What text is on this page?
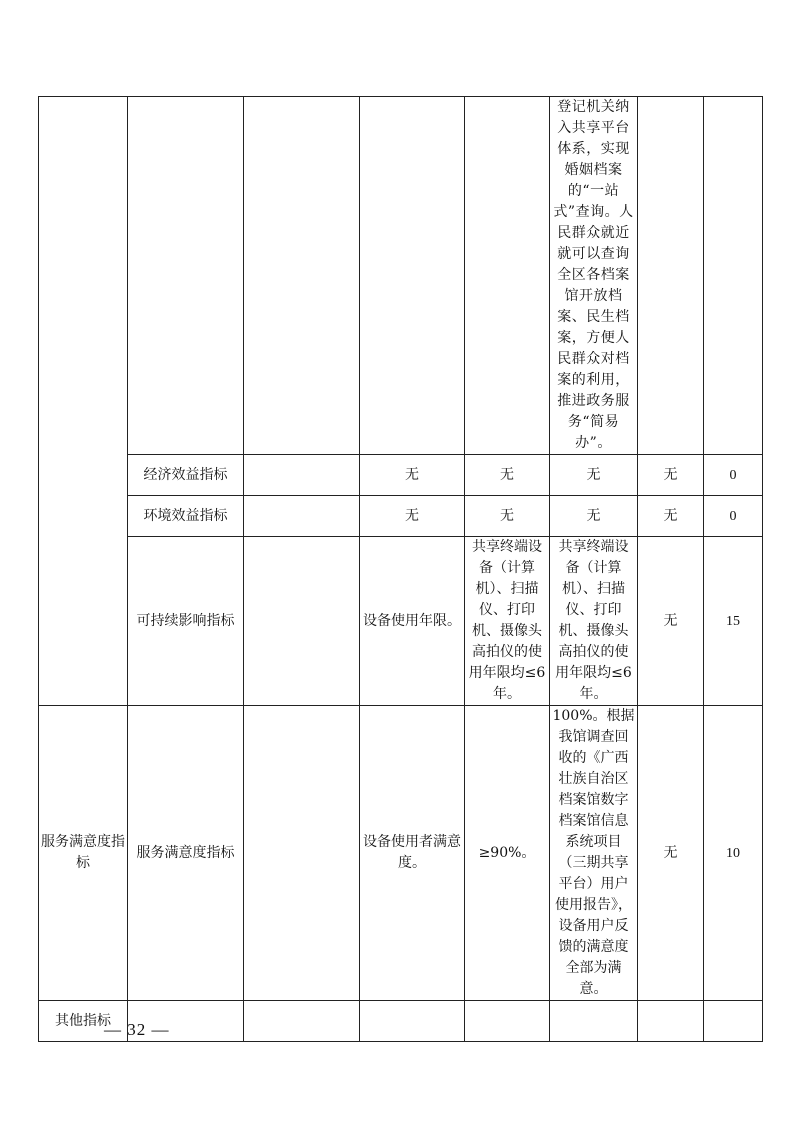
					登记机关纳入共享平台体系，实现婚姻档案的“一站式”查询。人民群众就近就可以查询全区各档案馆开放档案、民生档案，方便人民群众对档案的利用，推进政务服务“简易办”。		
	经济效益指标		无	无	无	无	0
	环境效益指标		无	无	无	无	0
	可持续影响指标		设备使用年限。	共享终端设备（计算机）、扫描仪、打印机、摄像头高拍仪的使用年限均≤6年。	共享终端设备（计算机）、扫描仪、打印机、摄像头高拍仪的使用年限均≤6年。	无	15
服务满意度指标	服务满意度指标		设备使用者满意度。	≥90%。	100%。根据我馆调查回收的《广西壮族自治区档案馆数字档案馆信息系统项目（三期共享平台）用户使用报告》，设备用户反馈的满意度全部为满意。	无	10
其他指标							
— 32 —
